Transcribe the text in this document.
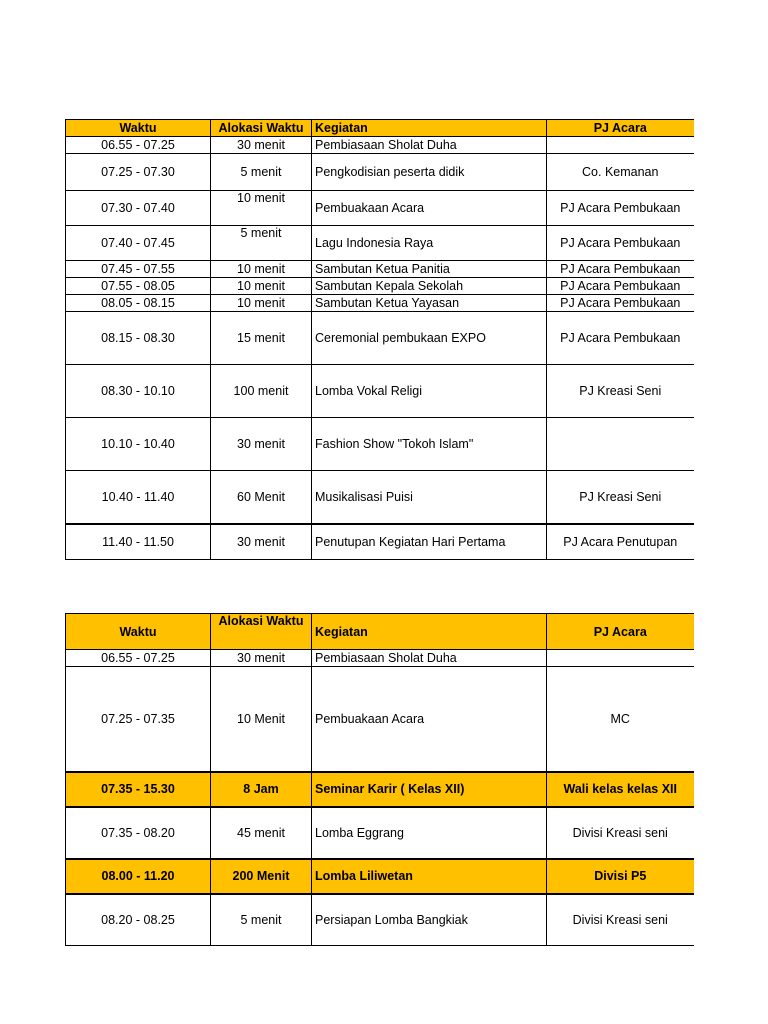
Waktu	Alokasi Waktu	Kegiatan	PJ Acara
06.55 - 07.25	30 menit	Pembiasaan Sholat Duha	
07.25 - 07.30	5 menit	Pengkodisian peserta didik	Co. Kemanan
07.30 - 07.40	10 menit	Pembuakaan Acara	PJ Acara Pembukaan
07.40 - 07.45	5 menit	Lagu Indonesia Raya	PJ Acara Pembukaan
07.45 - 07.55	10 menit	Sambutan Ketua Panitia	PJ Acara Pembukaan
07.55 - 08.05	10 menit	Sambutan Kepala Sekolah	PJ Acara Pembukaan
08.05 - 08.15	10 menit	Sambutan Ketua Yayasan	PJ Acara Pembukaan
08.15 - 08.30	15 menit	Ceremonial pembukaan EXPO	PJ Acara Pembukaan
08.30 - 10.10	100 menit	Lomba Vokal Religi	PJ Kreasi Seni
10.10 - 10.40	30 menit	Fashion Show "Tokoh Islam"	
10.40 - 11.40	60 Menit	Musikalisasi Puisi	PJ Kreasi Seni
11.40 - 11.50	30 menit	Penutupan Kegiatan Hari Pertama	PJ Acara Penutupan
Waktu	Alokasi Waktu	Kegiatan	PJ Acara
06.55 - 07.25	30 menit	Pembiasaan Sholat Duha	
07.25 - 07.35	10 Menit	Pembuakaan Acara	MC
07.35 - 15.30	8 Jam	Seminar Karir ( Kelas XII)	Wali kelas kelas XII
07.35 - 08.20	45 menit	Lomba Eggrang	Divisi Kreasi seni
08.00 - 11.20	200 Menit	Lomba Liliwetan	Divisi P5
08.20 - 08.25	5 menit	Persiapan Lomba Bangkiak	Divisi Kreasi seni
